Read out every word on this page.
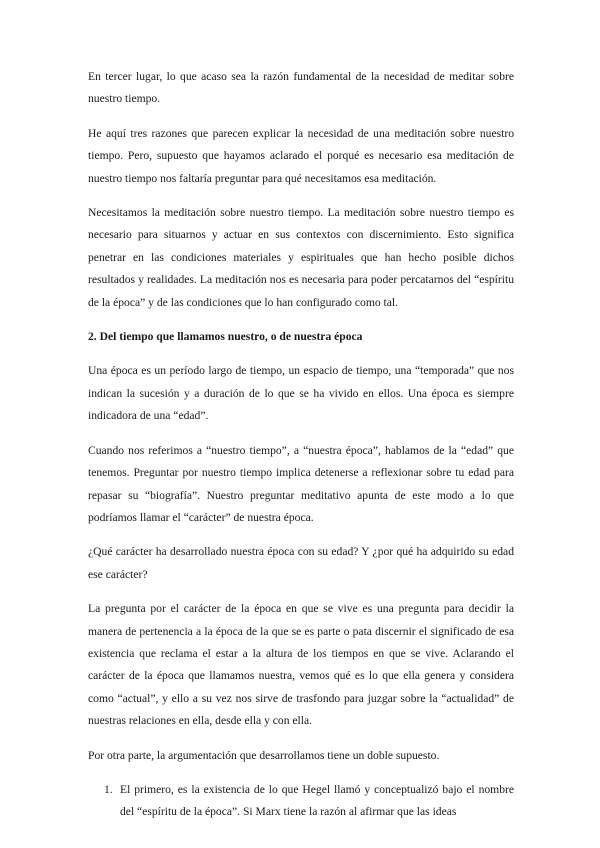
En tercer lugar, lo que acaso sea la razón fundamental de la necesidad de meditar sobre nuestro tiempo.

He aquí tres razones que parecen explicar la necesidad de una meditación sobre nuestro tiempo. Pero, supuesto que hayamos aclarado el porqué es necesario esa meditación de nuestro tiempo nos faltaría preguntar para qué necesitamos esa meditación.

Necesitamos la meditación sobre nuestro tiempo. La meditación sobre nuestro tiempo es necesario para situarnos y actuar en sus contextos con discernimiento. Esto significa penetrar en las condiciones materiales y espirituales que han hecho posible dichos resultados y realidades. La meditación nos es necesaria para poder percatarnos del “espíritu de la época” y de las condiciones que lo han configurado como tal.

2. Del tiempo que llamamos nuestro, o de nuestra época

Una época es un período largo de tiempo, un espacio de tiempo, una “temporada” que nos indican la sucesión y a duración de lo que se ha vivido en ellos. Una época es siempre indicadora de una “edad”.

Cuando nos referimos a “nuestro tiempo”, a “nuestra época”, hablamos de la “edad” que tenemos. Preguntar por nuestro tiempo implica detenerse a reflexionar sobre tu edad para repasar su “biografía”. Nuestro preguntar meditativo apunta de este modo a lo que podríamos llamar el “carácter” de nuestra época.

¿Qué carácter ha desarrollado nuestra época con su edad? Y ¿por qué ha adquirido su edad ese carácter?

La pregunta por el carácter de la época en que se vive es una pregunta para decidir la manera de pertenencia a la época de la que se es parte o pata discernir el significado de esa existencia que reclama el estar a la altura de los tiempos en que se vive. Aclarando el carácter de la época que llamamos nuestra, vemos qué es lo que ella genera y considera como “actual”, y ello a su vez nos sirve de trasfondo para juzgar sobre la “actualidad” de nuestras relaciones en ella, desde ella y con ella.

Por otra parte, la argumentación que desarrollamos tiene un doble supuesto.

1. El primero, es la existencia de lo que Hegel llamó y conceptualizó bajo el nombre del “espíritu de la época”. Si Marx tiene la razón al afirmar que las ideas
